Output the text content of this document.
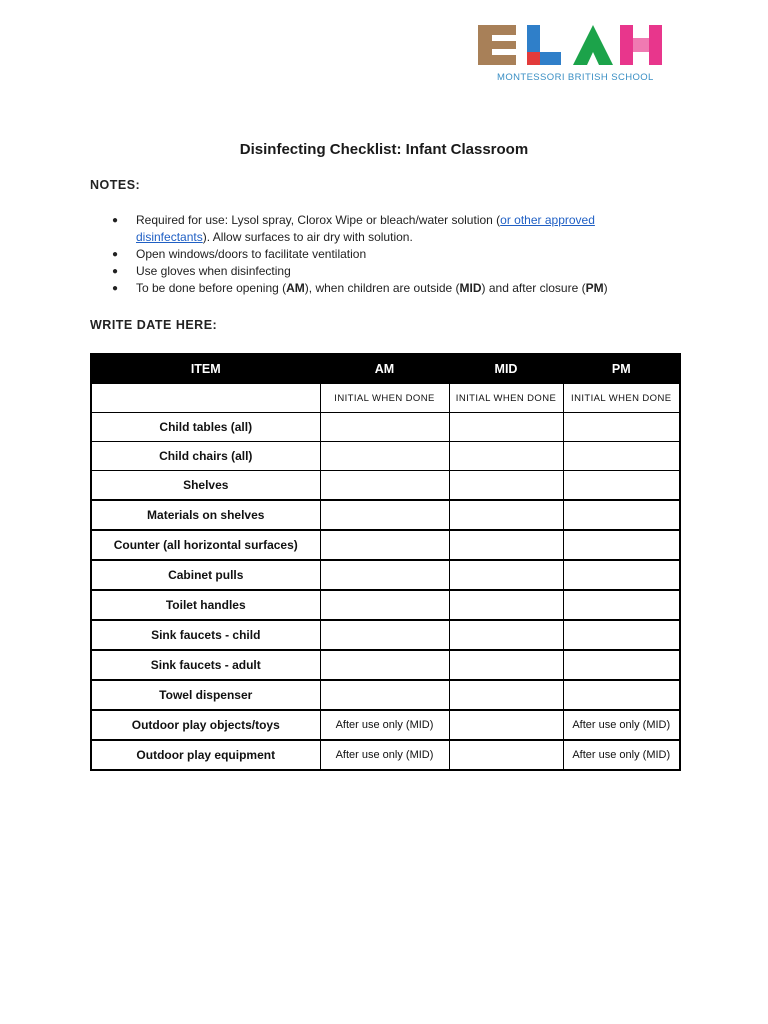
MONTESSORI BRITISH SCHOOL
Disinfecting Checklist: Infant Classroom
NOTES:
● Required for use: Lysol spray, Clorox Wipe or bleach/water solution (or other approved disinfectants). Allow surfaces to air dry with solution.
● Open windows/doors to facilitate ventilation
● Use gloves when disinfecting
● To be done before opening (AM), when children are outside (MID) and after closure (PM)
WRITE DATE HERE:
ITEM	AM	MID	PM
	INITIAL WHEN DONE	INITIAL WHEN DONE	INITIAL WHEN DONE
Child tables (all)			
Child chairs (all)			
Shelves			
Materials on shelves			
Counter (all horizontal surfaces)			
Cabinet pulls			
Toilet handles			
Sink faucets - child			
Sink faucets - adult			
Towel dispenser			
Outdoor play objects/toys	After use only (MID)		After use only (MID)
Outdoor play equipment	After use only (MID)		After use only (MID)
